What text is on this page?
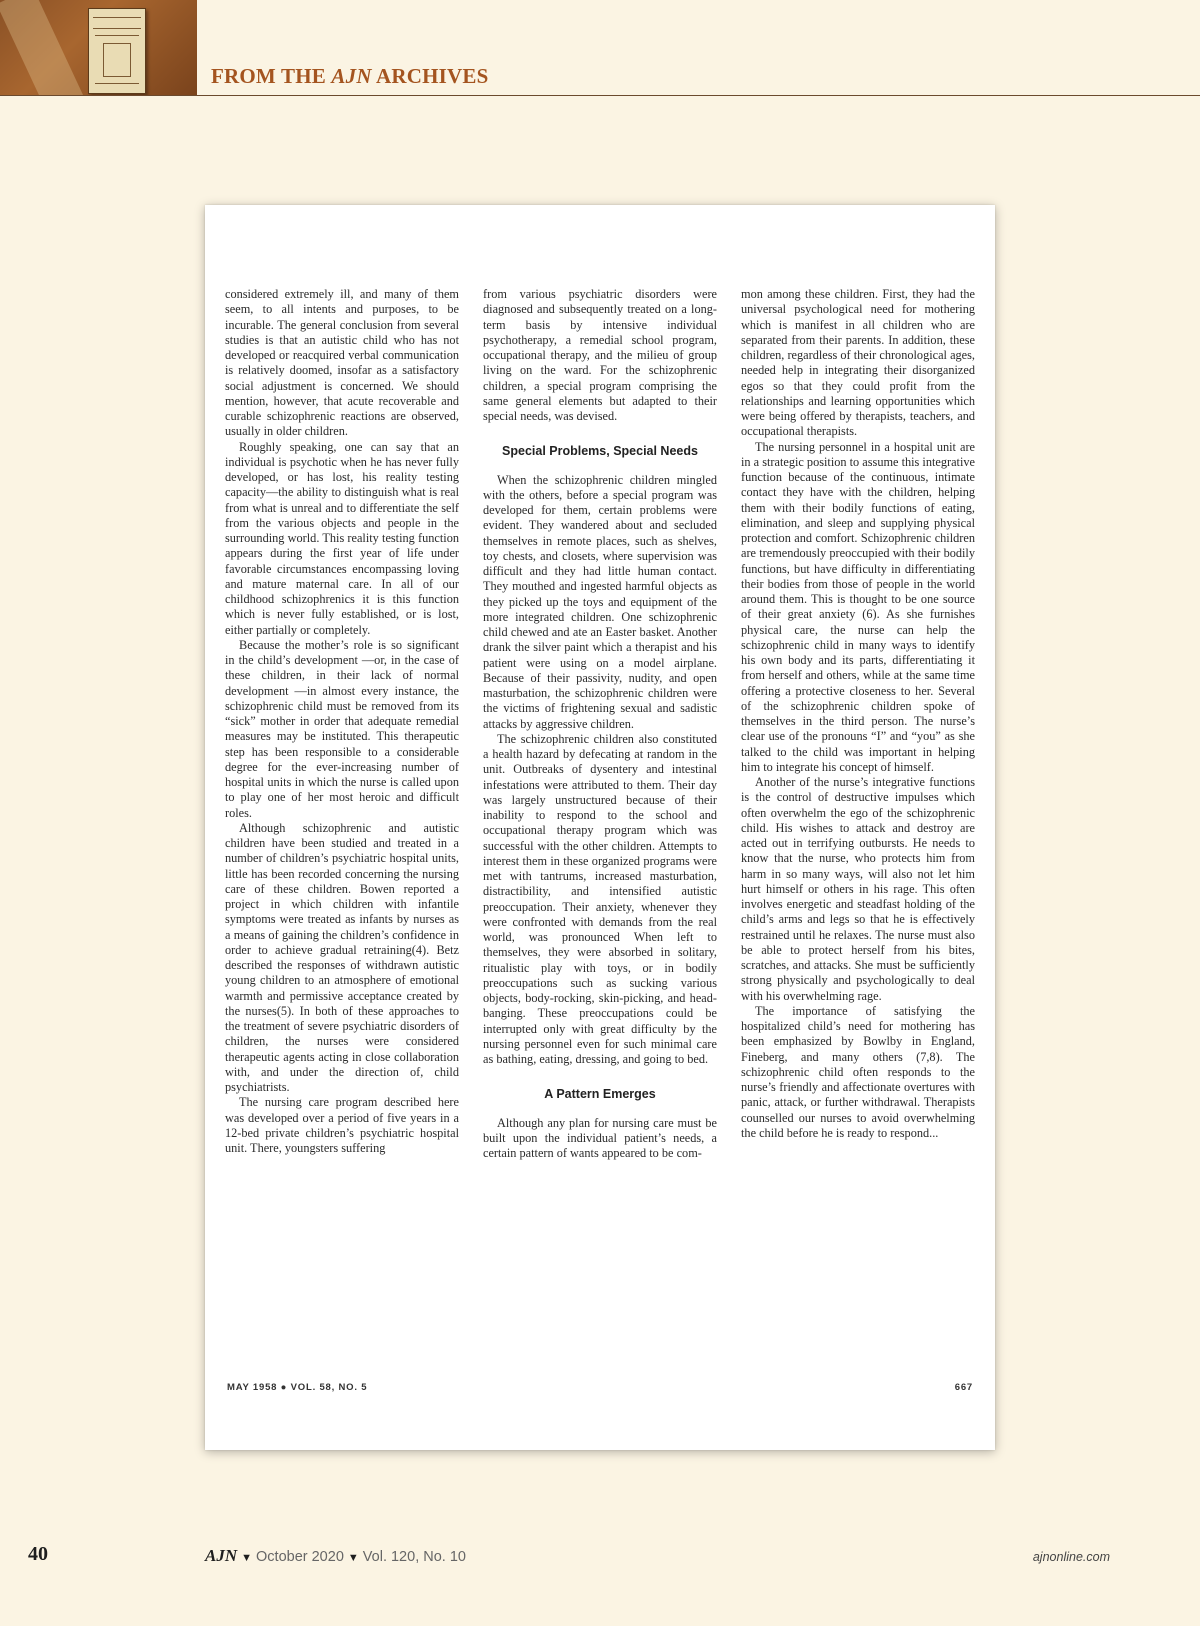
FROM THE AJN ARCHIVES

considered extremely ill, and many of them seem, to all intents and purposes, to be incurable. The general conclusion from several studies is that an autistic child who has not developed or reacquired verbal communication is relatively doomed, insofar as a satisfactory social adjustment is concerned. We should mention, however, that acute recoverable and curable schizophrenic reactions are observed, usually in older children.

Roughly speaking, one can say that an individual is psychotic when he has never fully developed, or has lost, his reality testing capacity—the ability to distinguish what is real from what is unreal and to differentiate the self from the various objects and people in the surrounding world. This reality testing function appears during the first year of life under favorable circumstances encompassing loving and mature maternal care. In all of our childhood schizophrenics it is this function which is never fully established, or is lost, either partially or completely.

Because the mother’s role is so significant in the child’s development —or, in the case of these children, in their lack of normal development —in almost every instance, the schizophrenic child must be removed from its “sick” mother in order that adequate remedial measures may be instituted. This therapeutic step has been responsible to a considerable degree for the ever-increasing number of hospital units in which the nurse is called upon to play one of her most heroic and difficult roles.

Although schizophrenic and autistic children have been studied and treated in a number of children’s psychiatric hospital units, little has been recorded concerning the nursing care of these children. Bowen reported a project in which children with infantile symptoms were treated as infants by nurses as a means of gaining the children’s confidence in order to achieve gradual retraining(4). Betz described the responses of withdrawn autistic young children to an atmosphere of emotional warmth and permissive acceptance created by the nurses(5). In both of these approaches to the treatment of severe psychiatric disorders of children, the nurses were considered therapeutic agents acting in close collaboration with, and under the direction of, child psychiatrists.

The nursing care program described here was developed over a period of five years in a 12-bed private children’s psychiatric hospital unit. There, youngsters suffering

from various psychiatric disorders were diagnosed and subsequently treated on a long-term basis by intensive individual psychotherapy, a remedial school program, occupational therapy, and the milieu of group living on the ward. For the schizophrenic children, a special program comprising the same general elements but adapted to their special needs, was devised.

Special Problems, Special Needs

When the schizophrenic children mingled with the others, before a special program was developed for them, certain problems were evident. They wandered about and secluded themselves in remote places, such as shelves, toy chests, and closets, where supervision was difficult and they had little human contact. They mouthed and ingested harmful objects as they picked up the toys and equipment of the more integrated children. One schizophrenic child chewed and ate an Easter basket. Another drank the silver paint which a therapist and his patient were using on a model airplane. Because of their passivity, nudity, and open masturbation, the schizophrenic children were the victims of frightening sexual and sadistic attacks by aggressive children.

The schizophrenic children also constituted a health hazard by defecating at random in the unit. Outbreaks of dysentery and intestinal infestations were attributed to them. Their day was largely unstructured because of their inability to respond to the school and occupational therapy program which was successful with the other children. Attempts to interest them in these organized programs were met with tantrums, increased masturbation, distractibility, and intensified autistic preoccupation. Their anxiety, whenever they were confronted with demands from the real world, was pronounced When left to themselves, they were absorbed in solitary, ritualistic play with toys, or in bodily preoccupations such as sucking various objects, body-rocking, skin-picking, and head-banging. These preoccupations could be interrupted only with great difficulty by the nursing personnel even for such minimal care as bathing, eating, dressing, and going to bed.

A Pattern Emerges

Although any plan for nursing care must be built upon the individual patient’s needs, a certain pattern of wants appeared to be com-

mon among these children. First, they had the universal psychological need for mothering which is manifest in all children who are separated from their parents. In addition, these children, regardless of their chronological ages, needed help in integrating their disorganized egos so that they could profit from the relationships and learning opportunities which were being offered by therapists, teachers, and occupational therapists.

The nursing personnel in a hospital unit are in a strategic position to assume this integrative function because of the continuous, intimate contact they have with the children, helping them with their bodily functions of eating, elimination, and sleep and supplying physical protection and comfort. Schizophrenic children are tremendously preoccupied with their bodily functions, but have difficulty in differentiating their bodies from those of people in the world around them. This is thought to be one source of their great anxiety (6). As she furnishes physical care, the nurse can help the schizophrenic child in many ways to identify his own body and its parts, differentiating it from herself and others, while at the same time offering a protective closeness to her. Several of the schizophrenic children spoke of themselves in the third person. The nurse’s clear use of the pronouns “I” and “you” as she talked to the child was important in helping him to integrate his concept of himself.

Another of the nurse’s integrative functions is the control of destructive impulses which often overwhelm the ego of the schizophrenic child. His wishes to attack and destroy are acted out in terrifying outbursts. He needs to know that the nurse, who protects him from harm in so many ways, will also not let him hurt himself or others in his rage. This often involves energetic and steadfast holding of the child’s arms and legs so that he is effectively restrained until he relaxes. The nurse must also be able to protect herself from his bites, scratches, and attacks. She must be sufficiently strong physically and psychologically to deal with his overwhelming rage.

The importance of satisfying the hospitalized child’s need for mothering has been emphasized by Bowlby in England, Fineberg, and many others (7,8). The schizophrenic child often responds to the nurse’s friendly and affectionate overtures with panic, attack, or further withdrawal. Therapists counselled our nurses to avoid overwhelming the child before he is ready to respond...

MAY 1958 ● VOL. 58, NO. 5	667
40	AJN ▼ October 2020 ▼ Vol. 120, No. 10	ajnonline.com
